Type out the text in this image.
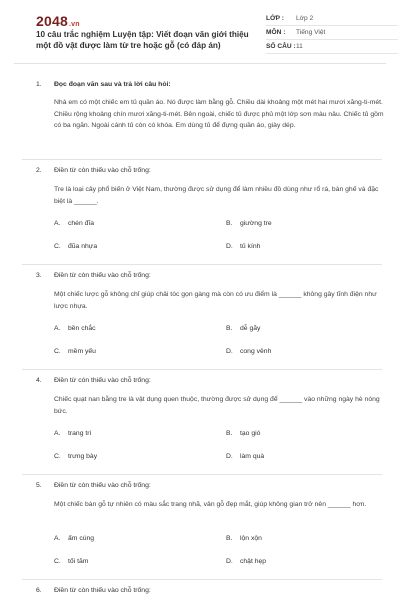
2048.vn
10 câu trắc nghiệm Luyện tập: Viết đoạn văn giới thiệu một đồ vật được làm từ tre hoặc gỗ (có đáp án)
LỚP :	Lớp 2
MÔN :	Tiếng Việt
SỐ CÂU : 11
1. Đọc đoạn văn sau và trả lời câu hỏi:
Nhà em có một chiếc em tủ quần áo. Nó được làm bằng gỗ. Chiều dài khoảng một mét hai mươi xăng-ti-mét. Chiều rộng khoảng chín mươi xăng-ti-mét. Bên ngoài, chiếc tủ được phủ một lớp sơn màu nâu. Chiếc tủ gồm có ba ngăn. Ngoài cánh tủ còn có khóa. Em dùng tủ để đựng quần áo, giày dép.
2. Điền từ còn thiếu vào chỗ trống:
Tre là loại cây phổ biến ở Việt Nam, thường được sử dụng để làm nhiều đồ dùng như rổ rá, bàn ghế và đặc biệt là ______.
A. chén đĩa	B. giường tre
C. đũa nhựa	D. tủ kính
3. Điền từ còn thiếu vào chỗ trống:
Một chiếc lược gỗ không chỉ giúp chải tóc gọn gàng mà còn có ưu điểm là ______ không gây tĩnh điện như lược nhựa.
A. bền chắc	B. dễ gãy
C. mềm yếu	D. cong vênh
4. Điền từ còn thiếu vào chỗ trống:
Chiếc quạt nan bằng tre là vật dụng quen thuộc, thường được sử dụng để ______ vào những ngày hè nóng bức.
A. trang trí	B. tạo gió
C. trưng bày	D. làm quà
5. Điền từ còn thiếu vào chỗ trống:
Một chiếc bàn gỗ tự nhiên có màu sắc trang nhã, vân gỗ đẹp mắt, giúp không gian trở nên ______ hơn.
A. ấm cúng	B. lộn xộn
C. tối tăm	D. chật hẹp
6. Điền từ còn thiếu vào chỗ trống:
